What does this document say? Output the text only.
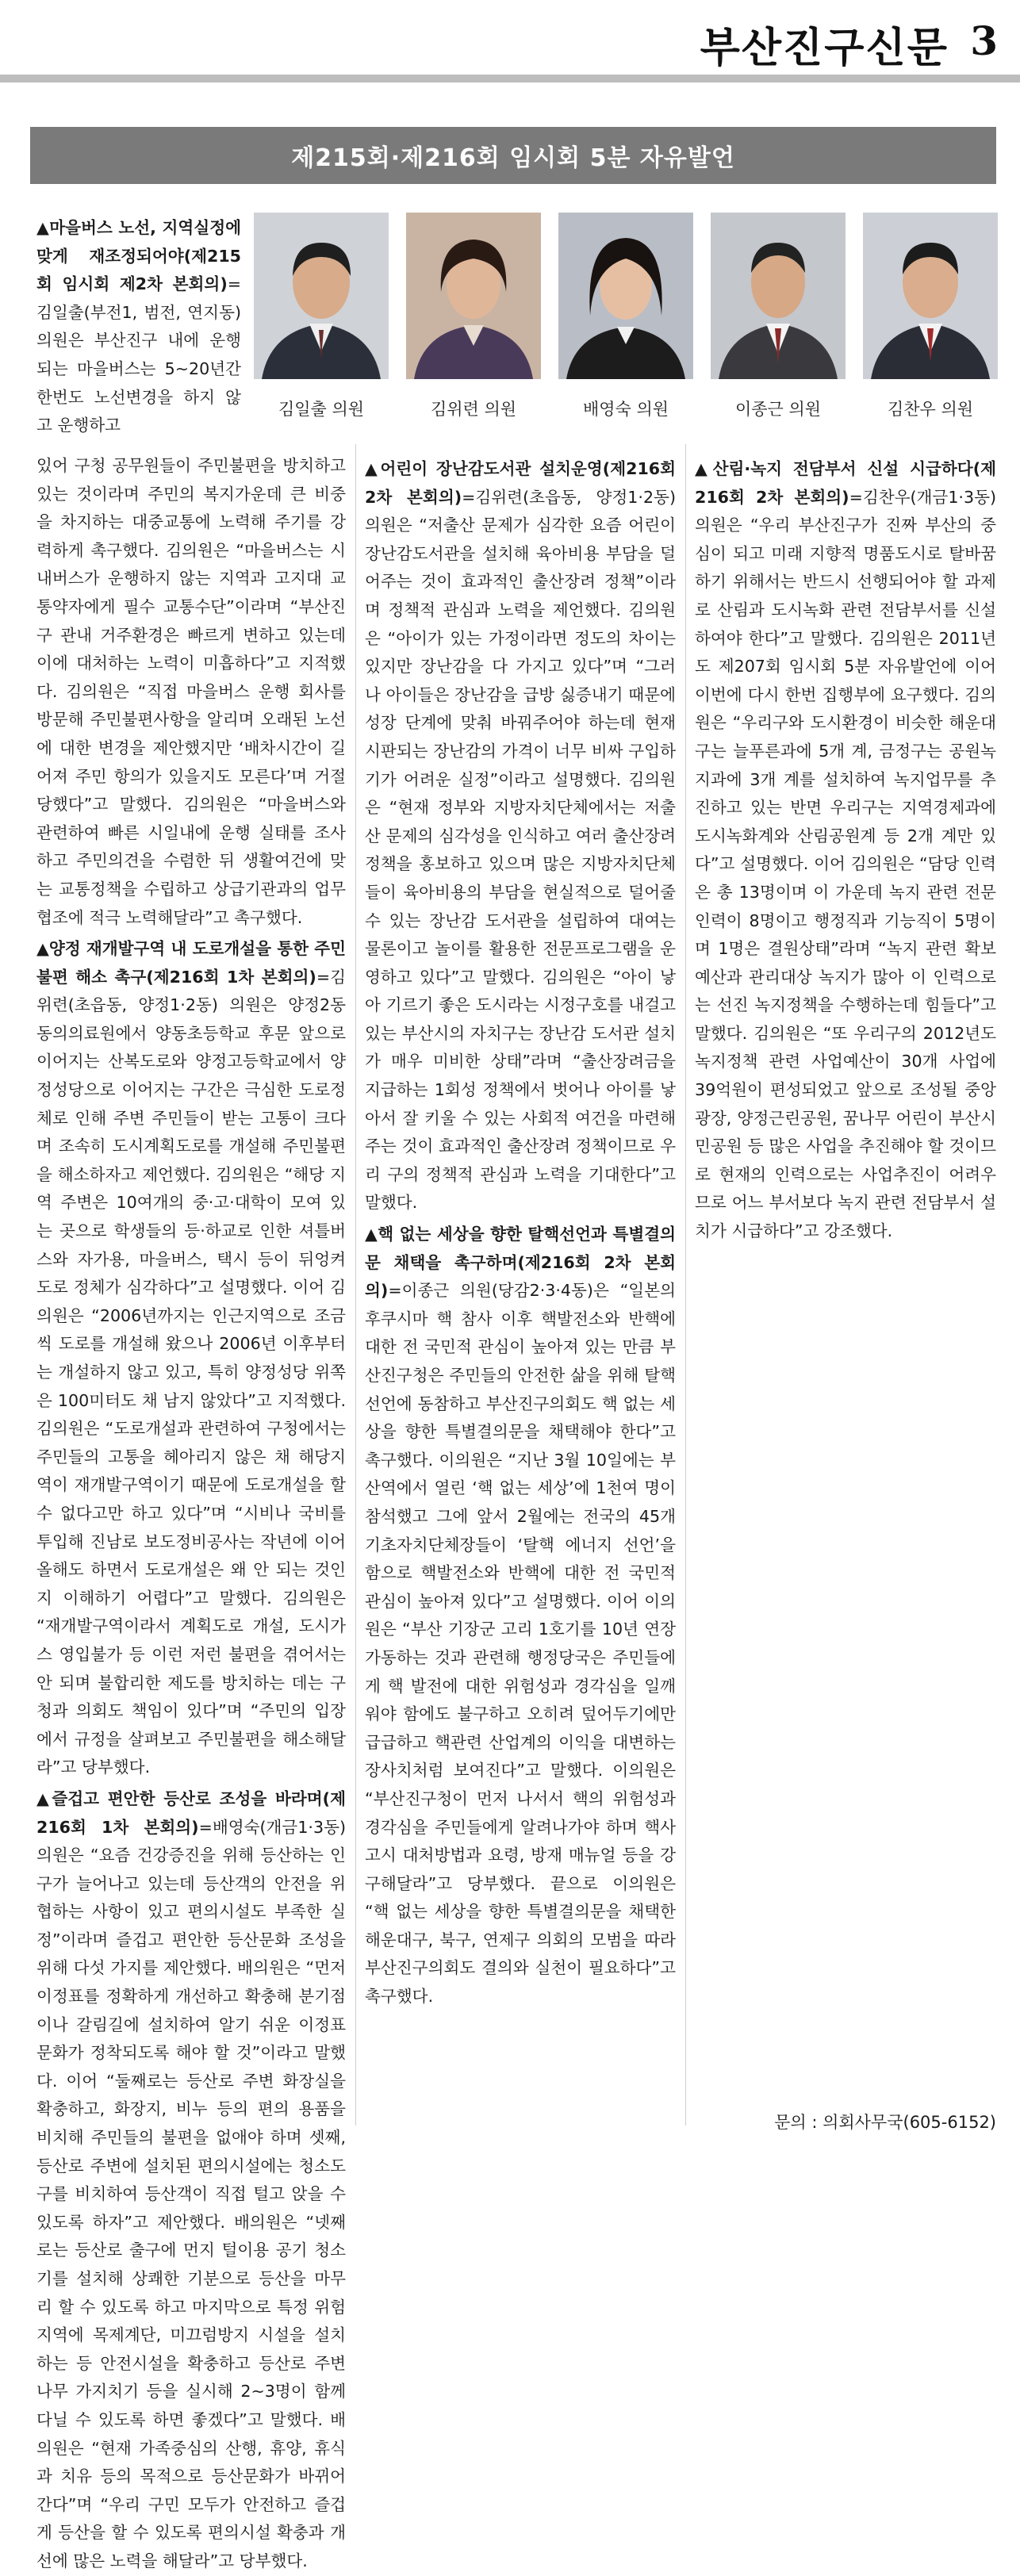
부산진구신문 3
제215회·제216회 임시회 5분 자유발언
김일출 의원	김위련 의원	배영숙 의원	이종근 의원	김찬우 의원

▲마을버스 노선, 지역실정에 맞게 재조정되어야(제215회 임시회 제2차 본회의)=김일출(부전1, 범전, 연지동) 의원은 부산진구 내에 운행되는 마을버스는 5~20년간 한번도 노선변경을 하지 않고 운행하고

있어 구청 공무원들이 주민불편을 방치하고 있는 것이라며 주민의 복지가운데 큰 비중을 차지하는 대중교통에 노력해 주기를 강력하게 촉구했다. 김의원은 “마을버스는 시내버스가 운행하지 않는 지역과 고지대 교통약자에게 필수 교통수단”이라며 “부산진구 관내 거주환경은 빠르게 변하고 있는데 이에 대처하는 노력이 미흡하다”고 지적했다. 김의원은 “직접 마을버스 운행 회사를 방문해 주민불편사항을 알리며 오래된 노선에 대한 변경을 제안했지만 ‘배차시간이 길어져 주민 항의가 있을지도 모른다’며 거절당했다”고 말했다. 김의원은 “마을버스와 관련하여 빠른 시일내에 운행 실태를 조사하고 주민의견을 수렴한 뒤 생활여건에 맞는 교통정책을 수립하고 상급기관과의 업무협조에 적극 노력해달라”고 촉구했다.

▲양정 재개발구역 내 도로개설을 통한 주민불편 해소 촉구(제216회 1차 본회의)=김위련(초읍동, 양정1·2동) 의원은 양정2동 동의의료원에서 양동초등학교 후문 앞으로 이어지는 산복도로와 양정고등학교에서 양정성당으로 이어지는 구간은 극심한 도로정체로 인해 주변 주민들이 받는 고통이 크다며 조속히 도시계획도로를 개설해 주민불편을 해소하자고 제언했다. 김의원은 “해당 지역 주변은 10여개의 중·고·대학이 모여 있는 곳으로 학생들의 등·하교로 인한 셔틀버스와 자가용, 마을버스, 택시 등이 뒤엉켜 도로 정체가 심각하다”고 설명했다. 이어 김의원은 “2006년까지는 인근지역으로 조금씩 도로를 개설해 왔으나 2006년 이후부터는 개설하지 않고 있고, 특히 양정성당 위쪽은 100미터도 채 남지 않았다”고 지적했다. 김의원은 “도로개설과 관련하여 구청에서는 주민들의 고통을 헤아리지 않은 채 해당지역이 재개발구역이기 때문에 도로개설을 할 수 없다고만 하고 있다”며 “시비나 국비를 투입해 진남로 보도정비공사는 작년에 이어 올해도 하면서 도로개설은 왜 안 되는 것인지 이해하기 어렵다”고 말했다. 김의원은 “재개발구역이라서 계획도로 개설, 도시가스 영입불가 등 이런 저런 불편을 겪어서는 안 되며 불합리한 제도를 방치하는 데는 구청과 의회도 책임이 있다”며 “주민의 입장에서 규정을 살펴보고 주민불편을 해소해달라”고 당부했다.

▲즐겁고 편안한 등산로 조성을 바라며(제216회 1차 본회의)=배영숙(개금1·3동) 의원은 “요즘 건강증진을 위해 등산하는 인구가 늘어나고 있는데 등산객의 안전을 위협하는 사항이 있고 편의시설도 부족한 실정”이라며 즐겁고 편안한 등산문화 조성을 위해 다섯 가지를 제안했다. 배의원은 “먼저 이정표를 정확하게 개선하고 확충해 분기점이나 갈림길에 설치하여 알기 쉬운 이정표 문화가 정착되도록 해야 할 것”이라고 말했다. 이어 “둘째로는 등산로 주변 화장실을 확충하고, 화장지, 비누 등의 편의 용품을 비치해 주민들의 불편을 없애야 하며 셋째, 등산로 주변에 설치된 편의시설에는 청소도구를 비치하여 등산객이 직접 털고 앉을 수 있도록 하자”고 제안했다. 배의원은 “넷째로는 등산로 출구에 먼지 털이용 공기 청소기를 설치해 상쾌한 기분으로 등산을 마무리 할 수 있도록 하고 마지막으로 특정 위험지역에 목제계단, 미끄럼방지 시설을 설치하는 등 안전시설을 확충하고 등산로 주변 나무 가지치기 등을 실시해 2~3명이 함께 다닐 수 있도록 하면 좋겠다”고 말했다. 배의원은 “현재 가족중심의 산행, 휴양, 휴식과 치유 등의 목적으로 등산문화가 바뀌어 간다”며 “우리 구민 모두가 안전하고 즐겁게 등산을 할 수 있도록 편의시설 확충과 개선에 많은 노력을 해달라”고 당부했다.

▲어린이 장난감도서관 설치운영(제216회 2차 본회의)=김위련(초읍동, 양정1·2동) 의원은 “저출산 문제가 심각한 요즘 어린이 장난감도서관을 설치해 육아비용 부담을 덜어주는 것이 효과적인 출산장려 정책”이라며 정책적 관심과 노력을 제언했다. 김의원은 “아이가 있는 가정이라면 정도의 차이는 있지만 장난감을 다 가지고 있다”며 “그러나 아이들은 장난감을 급방 싫증내기 때문에 성장 단계에 맞춰 바꿔주어야 하는데 현재 시판되는 장난감의 가격이 너무 비싸 구입하기가 어려운 실정”이라고 설명했다. 김의원은 “현재 정부와 지방자치단체에서는 저출산 문제의 심각성을 인식하고 여러 출산장려 정책을 홍보하고 있으며 많은 지방자치단체들이 육아비용의 부담을 현실적으로 덜어줄 수 있는 장난감 도서관을 설립하여 대여는 물론이고 놀이를 활용한 전문프로그램을 운영하고 있다”고 말했다. 김의원은 “아이 낳아 기르기 좋은 도시라는 시정구호를 내걸고 있는 부산시의 자치구는 장난감 도서관 설치가 매우 미비한 상태”라며 “출산장려금을 지급하는 1회성 정책에서 벗어나 아이를 낳아서 잘 키울 수 있는 사회적 여건을 마련해 주는 것이 효과적인 출산장려 정책이므로 우리 구의 정책적 관심과 노력을 기대한다”고 말했다.

▲핵 없는 세상을 향한 탈핵선언과 특별결의문 채택을 촉구하며(제216회 2차 본회의)=이종근 의원(당감2·3·4동)은 “일본의 후쿠시마 핵 참사 이후 핵발전소와 반핵에 대한 전 국민적 관심이 높아져 있는 만큼 부산진구청은 주민들의 안전한 삶을 위해 탈핵 선언에 동참하고 부산진구의회도 핵 없는 세상을 향한 특별결의문을 채택해야 한다”고 촉구했다. 이의원은 “지난 3월 10일에는 부산역에서 열린 ‘핵 없는 세상’에 1천여 명이 참석했고 그에 앞서 2월에는 전국의 45개 기초자치단체장들이 ‘탈핵 에너지 선언’을 함으로 핵발전소와 반핵에 대한 전 국민적 관심이 높아져 있다”고 설명했다. 이어 이의원은 “부산 기장군 고리 1호기를 10년 연장 가동하는 것과 관련해 행정당국은 주민들에게 핵 발전에 대한 위험성과 경각심을 일깨워야 함에도 불구하고 오히려 덮어두기에만 급급하고 핵관련 산업계의 이익을 대변하는 장사치처럼 보여진다”고 말했다. 이의원은 “부산진구청이 먼저 나서서 핵의 위험성과 경각심을 주민들에게 알려나가야 하며 핵사고시 대처방법과 요령, 방재 매뉴얼 등을 강구해달라”고 당부했다. 끝으로 이의원은 “핵 없는 세상을 향한 특별결의문을 채택한 해운대구, 북구, 연제구 의회의 모범을 따라 부산진구의회도 결의와 실천이 필요하다”고 촉구했다.

▲산림·녹지 전담부서 신설 시급하다(제216회 2차 본회의)=김찬우(개금1·3동) 의원은 “우리 부산진구가 진짜 부산의 중심이 되고 미래 지향적 명품도시로 탈바꿈하기 위해서는 반드시 선행되어야 할 과제로 산림과 도시녹화 관련 전담부서를 신설하여야 한다”고 말했다. 김의원은 2011년도 제207회 임시회 5분 자유발언에 이어 이번에 다시 한번 집행부에 요구했다. 김의원은 “우리구와 도시환경이 비슷한 해운대구는 늘푸른과에 5개 계, 금정구는 공원녹지과에 3개 계를 설치하여 녹지업무를 추진하고 있는 반면 우리구는 지역경제과에 도시녹화계와 산림공원계 등 2개 계만 있다”고 설명했다. 이어 김의원은 “담당 인력은 총 13명이며 이 가운데 녹지 관련 전문인력이 8명이고 행정직과 기능직이 5명이며 1명은 결원상태”라며 “녹지 관련 확보예산과 관리대상 녹지가 많아 이 인력으로는 선진 녹지정책을 수행하는데 힘들다”고 말했다. 김의원은 “또 우리구의 2012년도 녹지정책 관련 사업예산이 30개 사업에 39억원이 편성되었고 앞으로 조성될 중앙광장, 양정근린공원, 꿈나무 어린이 부산시민공원 등 많은 사업을 추진해야 할 것이므로 현재의 인력으로는 사업추진이 어려우므로 어느 부서보다 녹지 관련 전담부서 설치가 시급하다”고 강조했다.

문의 : 의회사무국(605-6152)
